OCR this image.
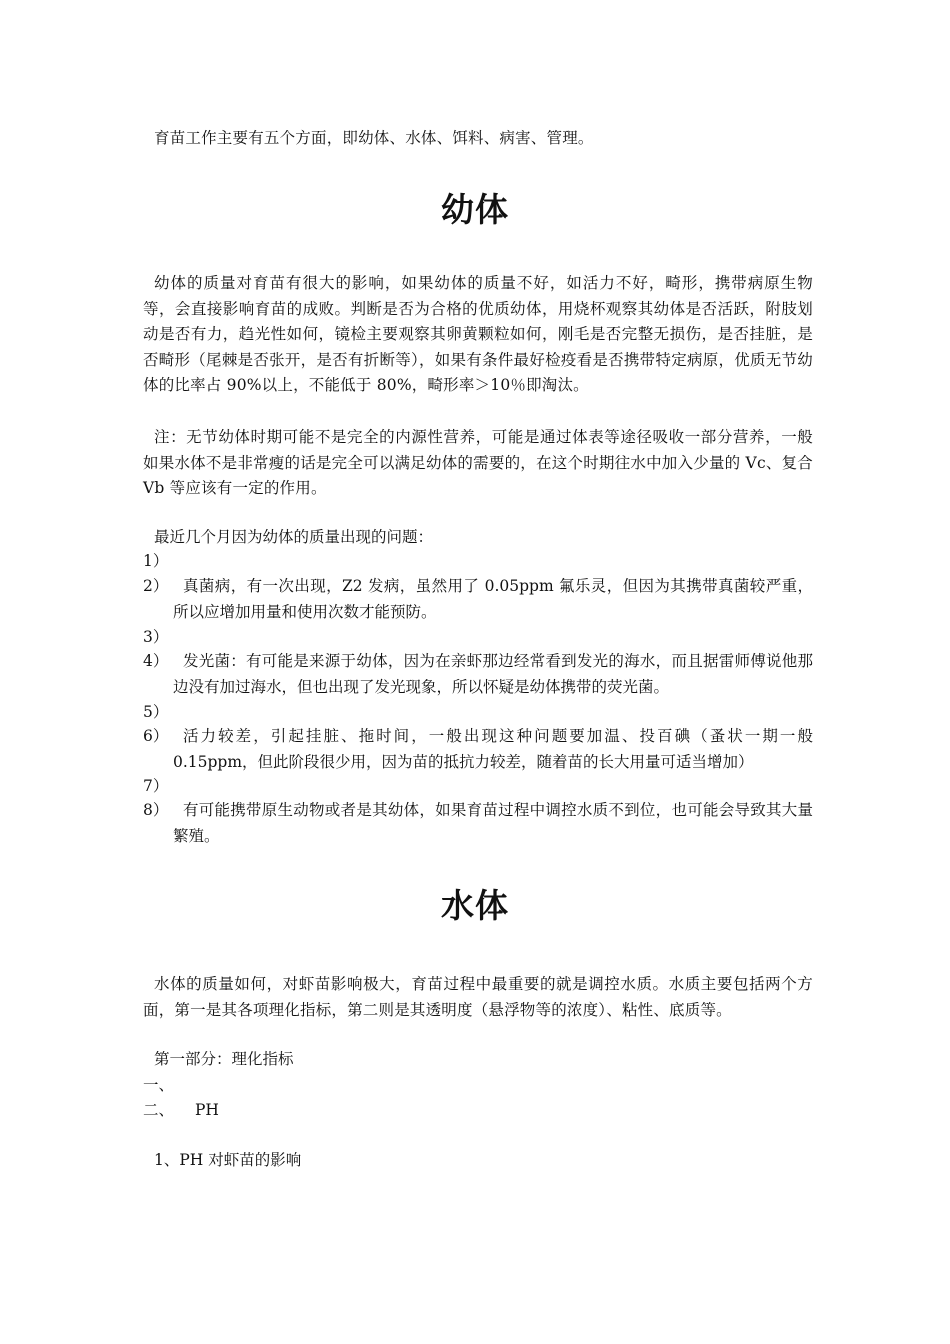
育苗工作主要有五个方面，即幼体、水体、饵料、病害、管理。
幼体
幼体的质量对育苗有很大的影响，如果幼体的质量不好，如活力不好，畸形，携带病原生物等，会直接影响育苗的成败。判断是否为合格的优质幼体，用烧杯观察其幼体是否活跃，附肢划动是否有力，趋光性如何，镜检主要观察其卵黄颗粒如何，刚毛是否完整无损伤，是否挂脏，是否畸形（尾棘是否张开，是否有折断等），如果有条件最好检疫看是否携带特定病原，优质无节幼体的比率占 90%以上，不能低于 80%，畸形率＞10％即淘汰。
注：无节幼体时期可能不是完全的内源性营养，可能是通过体表等途径吸收一部分营养，一般如果水体不是非常瘦的话是完全可以满足幼体的需要的，在这个时期往水中加入少量的 Vc、复合 Vb 等应该有一定的作用。
最近几个月因为幼体的质量出现的问题：
1）
2） 真菌病，有一次出现，Z2 发病，虽然用了 0.05ppm 氟乐灵，但因为其携带真菌较严重，所以应增加用量和使用次数才能预防。
3）
4） 发光菌：有可能是来源于幼体，因为在亲虾那边经常看到发光的海水，而且据雷师傅说他那边没有加过海水，但也出现了发光现象，所以怀疑是幼体携带的荧光菌。
5）
6） 活力较差，引起挂脏、拖时间，一般出现这种问题要加温、投百碘（蚤状一期一般 0.15ppm，但此阶段很少用，因为苗的抵抗力较差，随着苗的长大用量可适当增加）
7）
8） 有可能携带原生动物或者是其幼体，如果育苗过程中调控水质不到位，也可能会导致其大量繁殖。
水体
水体的质量如何，对虾苗影响极大，育苗过程中最重要的就是调控水质。水质主要包括两个方面，第一是其各项理化指标，第二则是其透明度（悬浮物等的浓度）、粘性、底质等。
第一部分：理化指标
一、
二、 PH
1、PH 对虾苗的影响
